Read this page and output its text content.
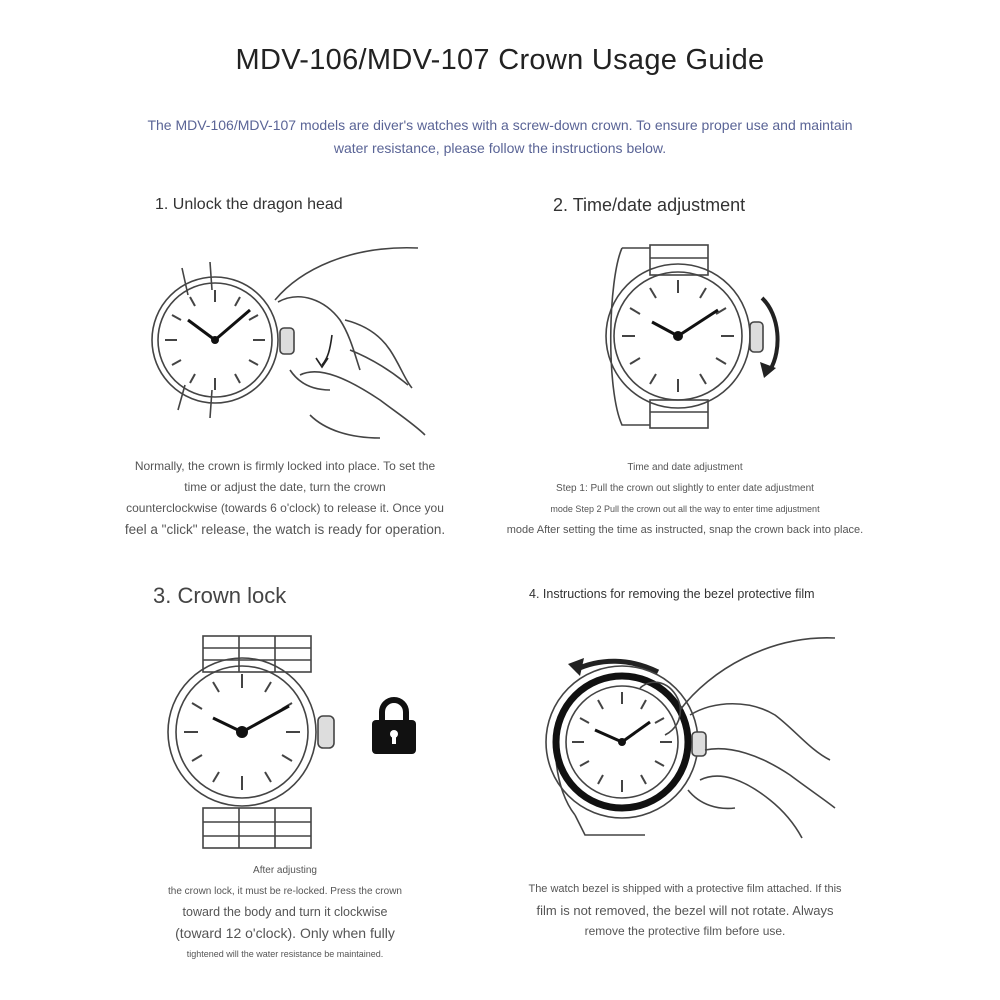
MDV-106/MDV-107 Crown Usage Guide
The MDV-106/MDV-107 models are diver's watches with a screw-down crown. To ensure proper use and maintain
water resistance, please follow the instructions below.
1. Unlock the dragon head
Normally, the crown is firmly locked into place. To set the
time or adjust the date, turn the crown
counterclockwise (towards 6 o'clock) to release it. Once you
feel a "click" release, the watch is ready for operation.
2. Time/date adjustment
Time and date adjustment
Step 1: Pull the crown out slightly to enter date adjustment
mode Step 2 Pull the crown out all the way to enter time adjustment
mode After setting the time as instructed, snap the crown back into place.
3. Crown lock
After adjusting
the crown lock, it must be re-locked. Press the crown
toward the body and turn it clockwise
(toward 12 o'clock). Only when fully
tightened will the water resistance be maintained.
4. Instructions for removing the bezel protective film
The watch bezel is shipped with a protective film attached. If this
film is not removed, the bezel will not rotate. Always
remove the protective film before use.
